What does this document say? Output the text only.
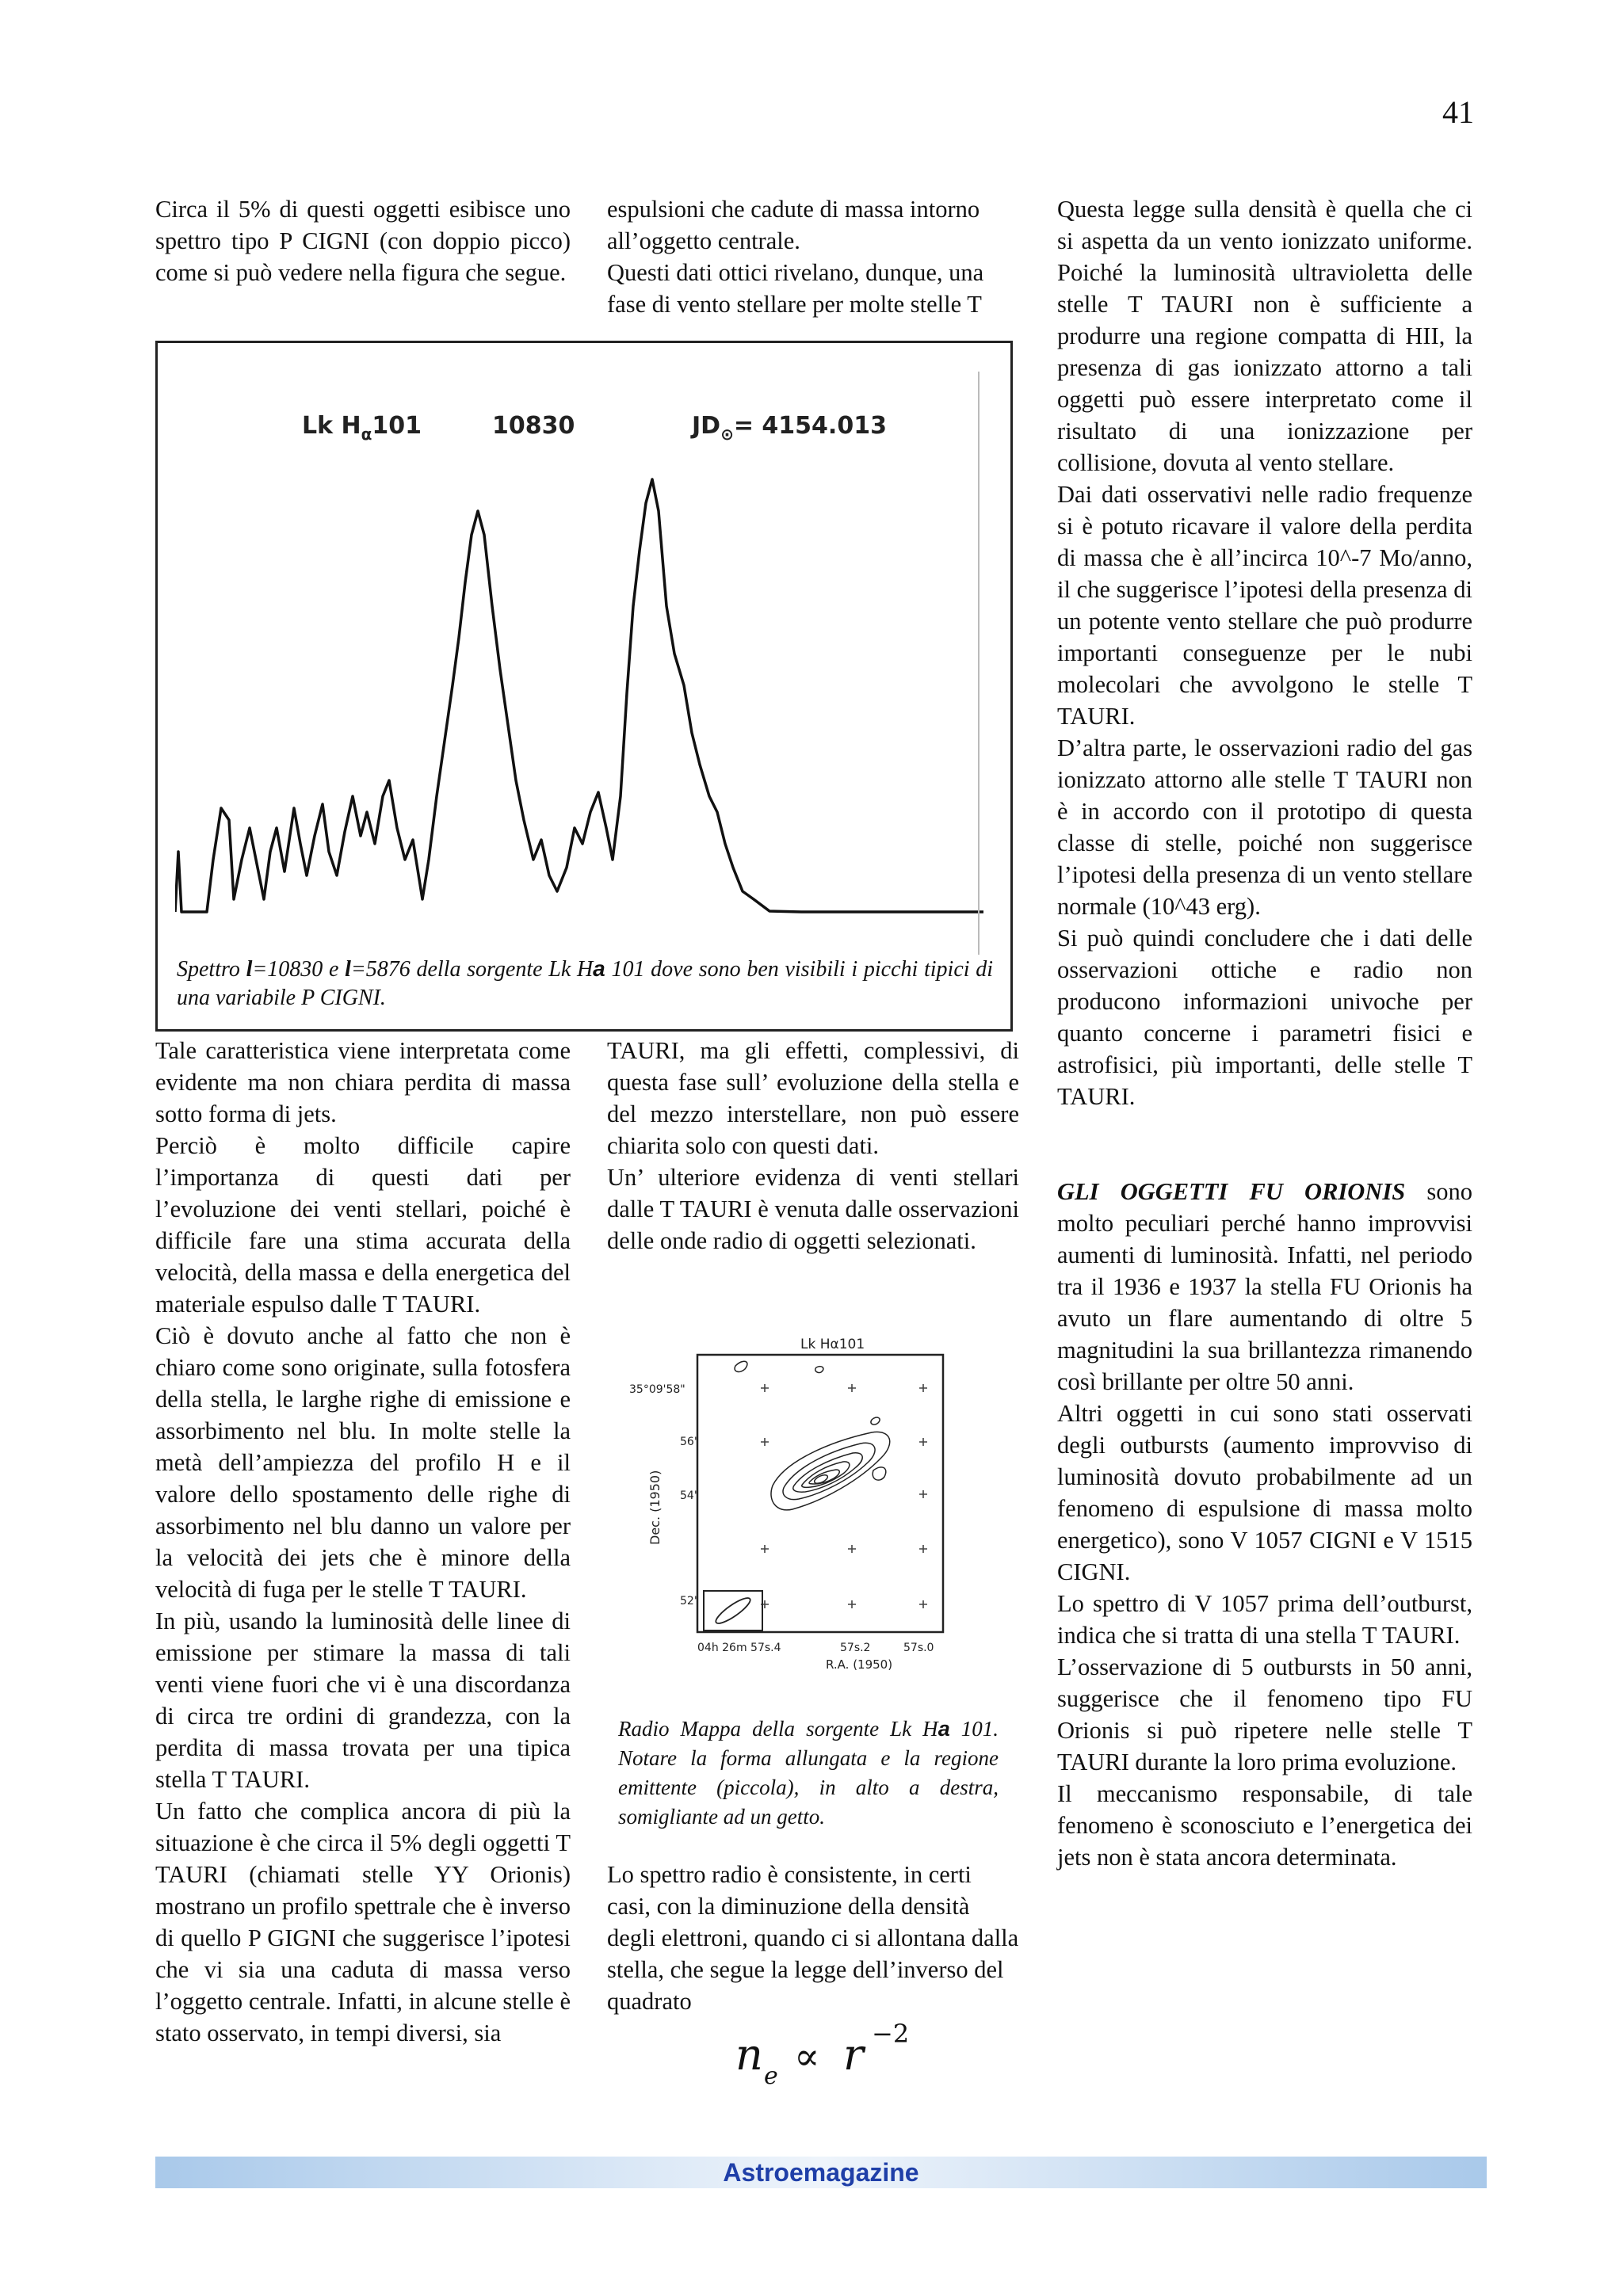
41

Circa il 5% di questi oggetti esibisce uno spettro tipo P CIGNI (con doppio picco) come si può vedere nella figura che segue.

espulsioni che cadute di massa intorno all’oggetto centrale.

Questi dati ottici rivelano, dunque, una fase di vento stellare per molte stelle T

Lk $H_\alpha 101$	10830	$JD_⊙= 4154.013$
Spettro l=10830 e l=5876 della sorgente Lk Ha 101 dove sono ben visibili i picchi tipici di una variabile P CIGNI.

Tale caratteristica viene interpretata come evidente ma non chiara perdita di massa sotto forma di jets.

Perciò è molto difficile capire l’importanza di questi dati per l’evoluzione dei venti stellari, poiché è difficile fare una stima accurata della velocità, della massa e della energetica del materiale espulso dalle T TAURI.

Ciò è dovuto anche al fatto che non è chiaro come sono originate, sulla fotosfera della stella, le larghe righe di emissione e assorbimento nel blu. In molte stelle la metà dell’ampiezza del profilo H e il valore dello spostamento delle righe di assorbimento nel blu danno un valore per la velocità dei jets che è minore della velocità di fuga per le stelle T TAURI.

In più, usando la luminosità delle linee di emissione per stimare la massa di tali venti viene fuori che vi è una discordanza di circa tre ordini di grandezza, con la perdita di massa trovata per una tipica stella T TAURI.

Un fatto che complica ancora di più la situazione è che circa il 5% degli oggetti T TAURI (chiamati stelle YY Orionis) mostrano un profilo spettrale che è inverso di quello P GIGNI che suggerisce l’ipotesi che vi sia una caduta di massa verso l’oggetto centrale. Infatti, in alcune stelle è stato osservato, in tempi diversi, sia

TAURI, ma gli effetti, complessivi, di questa fase sull’ evoluzione della stella e del mezzo interstellare, non può essere chiarita solo con questi dati.

Un’ ulteriore evidenza di venti stellari dalle T TAURI è venuta dalle osservazioni delle onde radio di oggetti selezionati.

Lk Hα101
35°09'58"
56"
54"
52"
Dec. (1950)
04h 26m 57s.4	57s.2	57s.0
R.A. (1950)
Radio Mappa della sorgente Lk Ha 101. Notare la forma allungata e la regione emittente (piccola), in alto a destra, somigliante ad un getto.

Lo spettro radio è consistente, in certi casi, con la diminuzione della densità degli elettroni, quando ci si allontana dalla stella, che segue la legge dell’inverso del quadrato

n e ∝ r −2

Questa legge sulla densità è quella che ci si aspetta da un vento ionizzato uniforme. Poiché la luminosità ultravioletta delle stelle T TAURI non è sufficiente a produrre una regione compatta di HII, la presenza di gas ionizzato attorno a tali oggetti può essere interpretato come il risultato di una ionizzazione per collisione, dovuta al vento stellare.

Dai dati osservativi nelle radio frequenze si è potuto ricavare il valore della perdita di massa che è all’incirca 10^-7 Mo/anno, il che suggerisce l’ipotesi della presenza di un potente vento stellare che può produrre importanti conseguenze per le nubi molecolari che avvolgono le stelle T TAURI.

D’altra parte, le osservazioni radio del gas ionizzato attorno alle stelle T TAURI non è in accordo con il prototipo di questa classe di stelle, poiché non suggerisce l’ipotesi della presenza di un vento stellare normale (10^43 erg).

Si può quindi concludere che i dati delle osservazioni ottiche e radio non producono informazioni univoche per quanto concerne i parametri fisici e astrofisici, più importanti, delle stelle T TAURI.

GLI OGGETTI FU ORIONIS sono molto peculiari perché hanno improvvisi aumenti di luminosità. Infatti, nel periodo tra il 1936 e 1937 la stella FU Orionis ha avuto un flare aumentando di oltre 5 magnitudini la sua brillantezza rimanendo così brillante per oltre 50 anni.

Altri oggetti in cui sono stati osservati degli outbursts (aumento improvviso di luminosità dovuto probabilmente ad un fenomeno di espulsione di massa molto energetico), sono V 1057 CIGNI e V 1515 CIGNI.

Lo spettro di V 1057 prima dell’outburst, indica che si tratta di una stella T TAURI.

L’osservazione di 5 outbursts in 50 anni, suggerisce che il fenomeno tipo FU Orionis si può ripetere nelle stelle T TAURI durante la loro prima evoluzione.

Il meccanismo responsabile, di tale fenomeno è sconosciuto e l’energetica dei jets non è stata ancora determinata.

Astroemagazine
